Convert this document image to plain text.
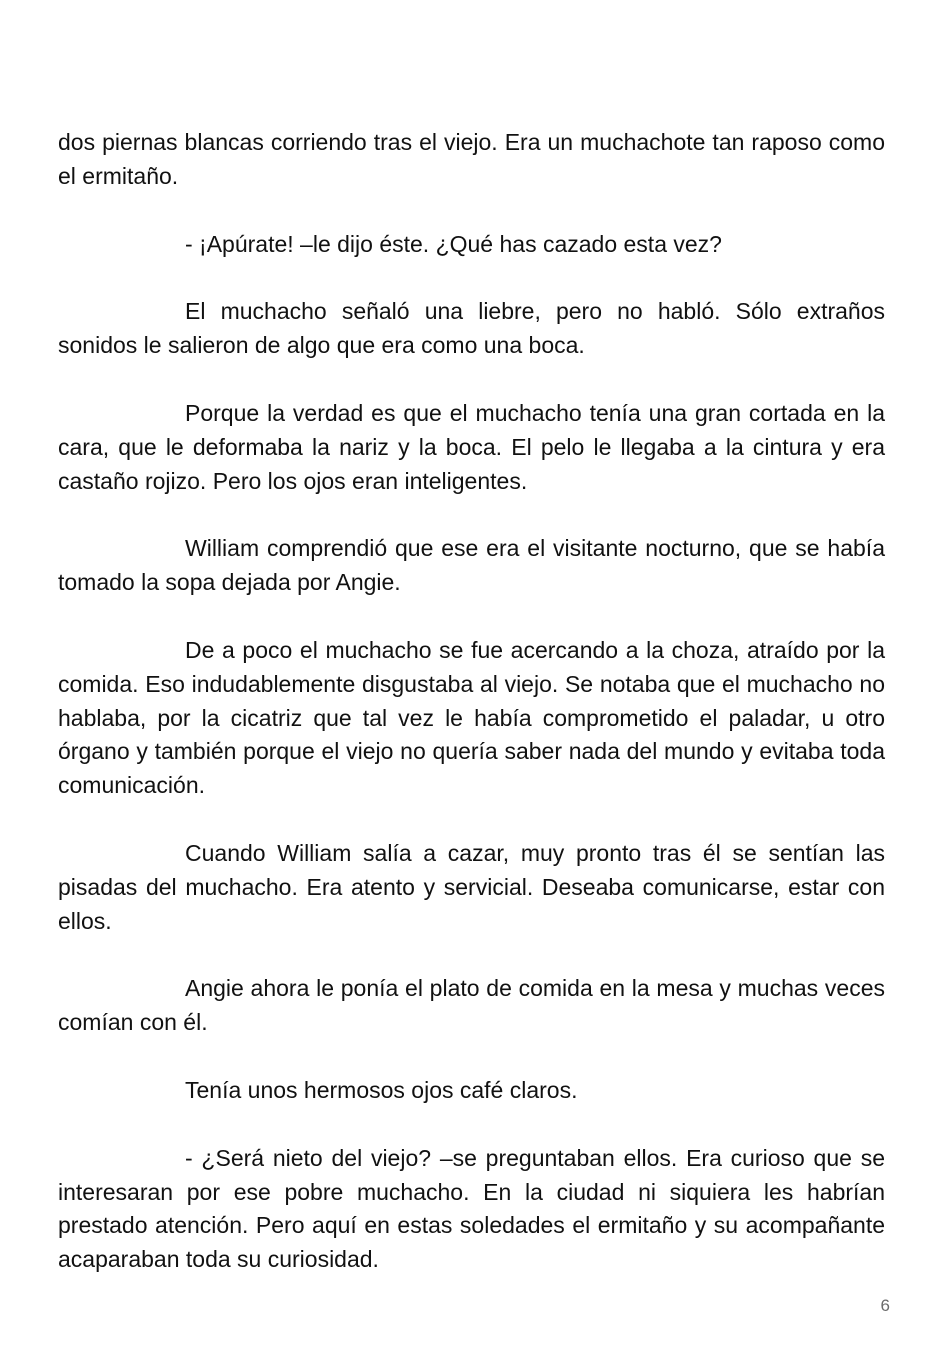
dos piernas blancas corriendo tras el viejo. Era un muchachote tan raposo como el ermitaño.

- ¡Apúrate! –le dijo éste. ¿Qué has cazado esta vez?

El muchacho señaló una liebre, pero no habló. Sólo extraños sonidos le salieron de algo que era como una boca.

Porque la verdad es que el muchacho tenía una gran cortada en la cara, que le deformaba la nariz y la boca. El pelo le llegaba a la cintura y era castaño rojizo. Pero los ojos eran inteligentes.

William comprendió que ese era el visitante nocturno, que se había tomado la sopa dejada por Angie.

De a poco el muchacho se fue acercando a la choza, atraído por la comida. Eso indudablemente disgustaba al viejo. Se notaba que el muchacho no hablaba, por la cicatriz que tal vez le había comprometido el paladar, u otro órgano y también porque el viejo no quería saber nada del mundo y evitaba toda comunicación.

Cuando William salía a cazar, muy pronto tras él se sentían las pisadas del muchacho. Era atento y servicial. Deseaba comunicarse, estar con ellos.

Angie ahora le ponía el plato de comida en la mesa y muchas veces comían con él.

Tenía unos hermosos ojos café claros.

- ¿Será nieto del viejo? –se preguntaban ellos. Era curioso que se interesaran por ese pobre muchacho. En la ciudad ni siquiera les habrían prestado atención. Pero aquí en estas soledades el ermitaño y su acompañante acaparaban toda su curiosidad.

6
